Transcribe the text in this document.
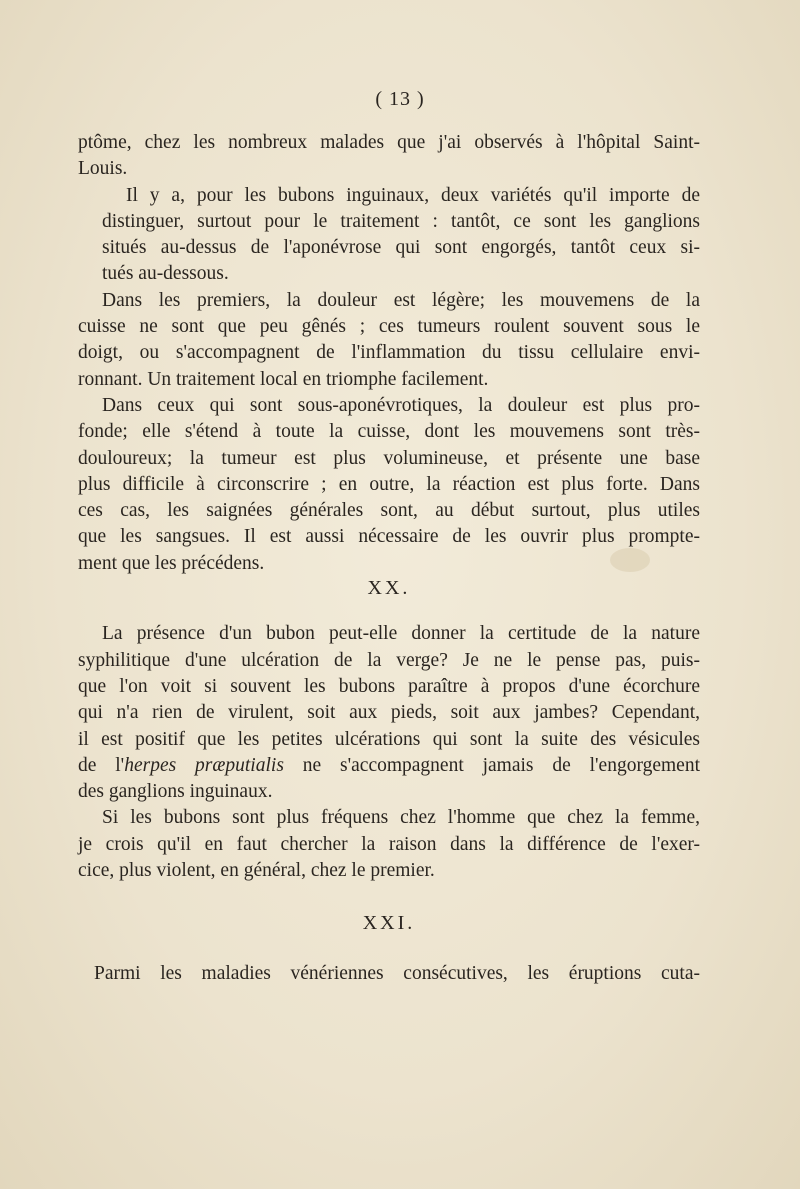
( 13 )

ptôme, chez les nombreux malades que j'ai observés à l'hôpital Saint-
Louis.

Il y a, pour les bubons inguinaux, deux variétés qu'il importe de
distinguer, surtout pour le traitement : tantôt, ce sont les ganglions
situés au-dessus de l'aponévrose qui sont engorgés, tantôt ceux si-
tués au-dessous.

Dans les premiers, la douleur est légère; les mouvemens de la
cuisse ne sont que peu gênés ; ces tumeurs roulent souvent sous le
doigt, ou s'accompagnent de l'inflammation du tissu cellulaire envi-
ronnant. Un traitement local en triomphe facilement.

Dans ceux qui sont sous-aponévrotiques, la douleur est plus pro-
fonde; elle s'étend à toute la cuisse, dont les mouvemens sont très-
douloureux; la tumeur est plus volumineuse, et présente une base
plus difficile à circonscrire ; en outre, la réaction est plus forte. Dans
ces cas, les saignées générales sont, au début surtout, plus utiles
que les sangsues. Il est aussi nécessaire de les ouvrir plus prompte-
ment que les précédens.

XX.

La présence d'un bubon peut-elle donner la certitude de la nature
syphilitique d'une ulcération de la verge? Je ne le pense pas, puis-
que l'on voit si souvent les bubons paraître à propos d'une écorchure
qui n'a rien de virulent, soit aux pieds, soit aux jambes? Cependant,
il est positif que les petites ulcérations qui sont la suite des vésicules
de l'herpes præputialis ne s'accompagnent jamais de l'engorgement
des ganglions inguinaux.

Si les bubons sont plus fréquens chez l'homme que chez la femme,
je crois qu'il en faut chercher la raison dans la différence de l'exer-
cice, plus violent, en général, chez le premier.

XXI.

Parmi les maladies vénériennes consécutives, les éruptions cuta-
